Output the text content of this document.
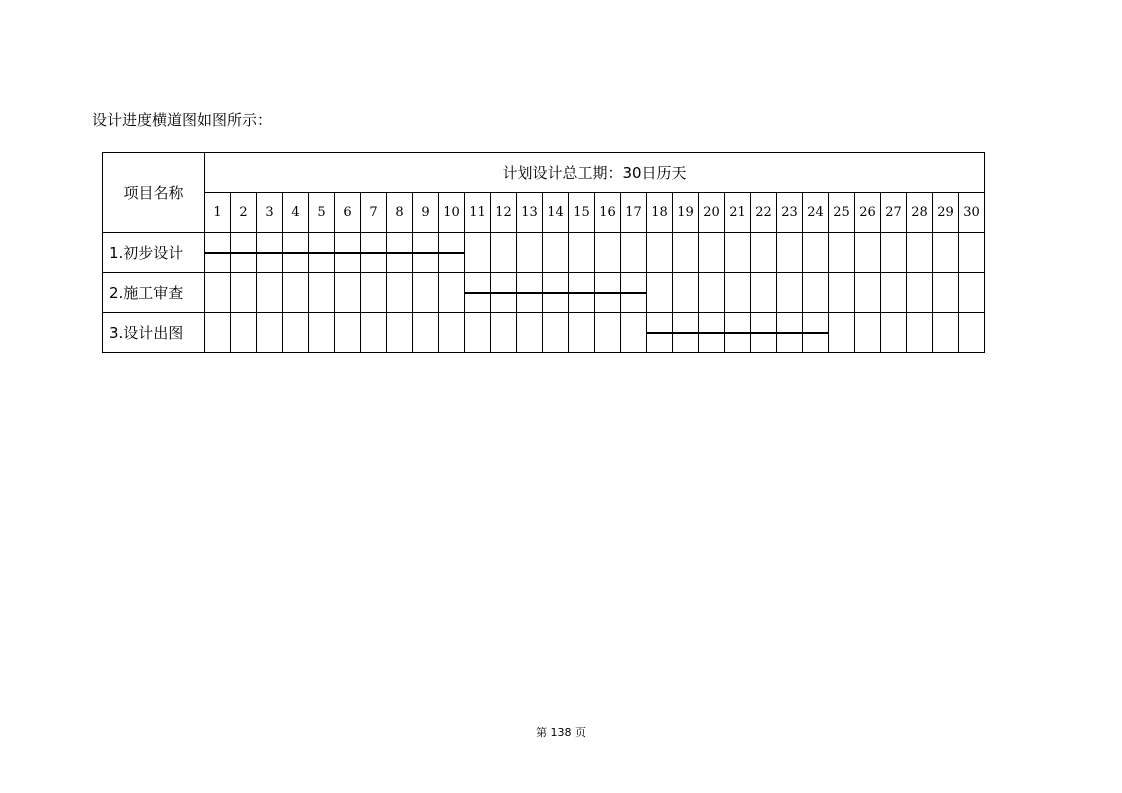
设计进度横道图如图所示：
项目名称	计划设计总工期：30日历天																													
	1	2	3	4	5	6	7	8	9	10	11	12	13	14	15	16	17	18	19	20	21	22	23	24	25	26	27	28	29	30
1.初步设计	

2.施工审查											

3.设计出图																		

第 138 页
